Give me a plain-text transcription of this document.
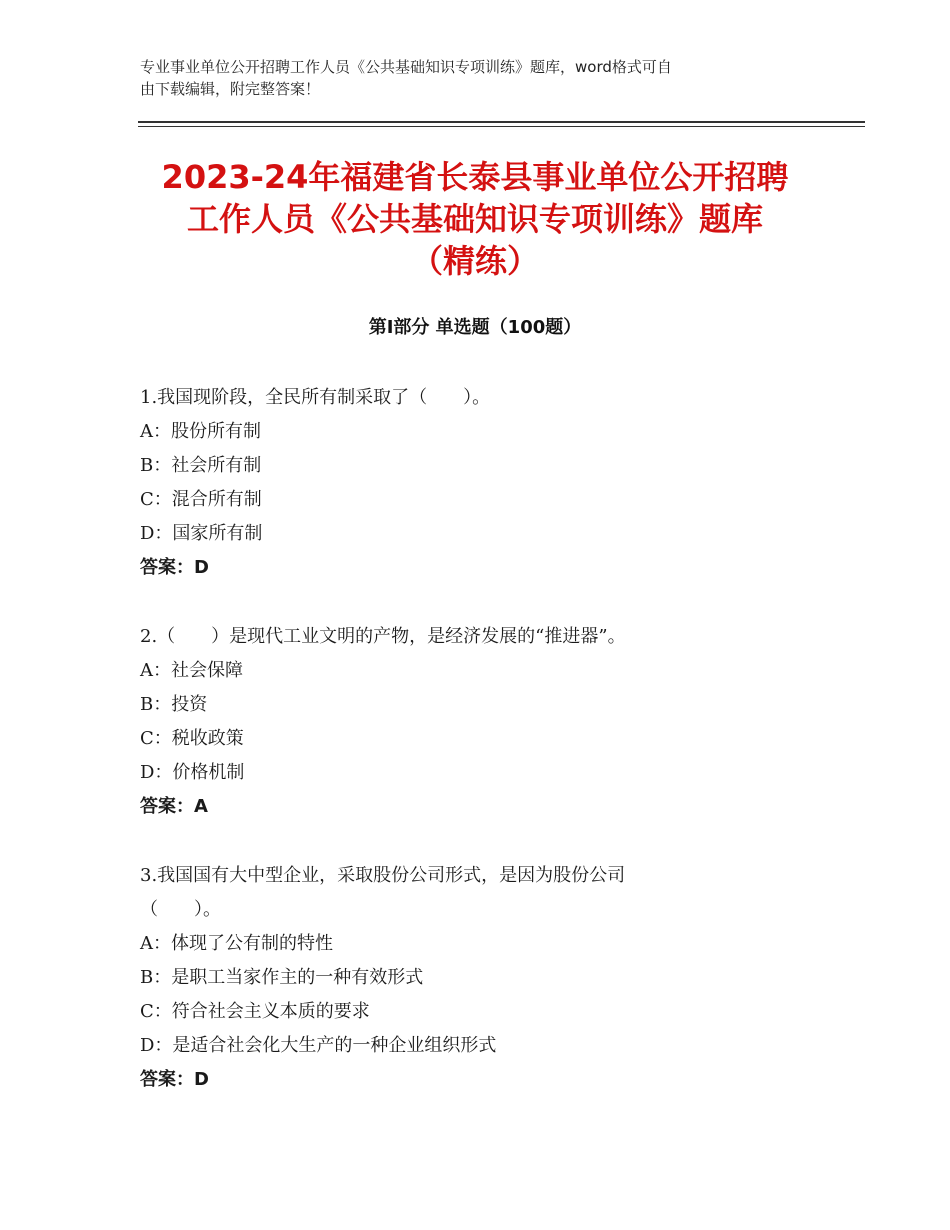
专业事业单位公开招聘工作人员《公共基础知识专项训练》题库，word格式可自
由下载编辑，附完整答案！
2023-24年福建省长泰县事业单位公开招聘
工作人员《公共基础知识专项训练》题库
（精练）
第Ⅰ部分 单选题（100题）
1.我国现阶段，全民所有制采取了（　　）。
A：股份所有制
B：社会所有制
C：混合所有制
D：国家所有制
答案：D
2.（　　）是现代工业文明的产物，是经济发展的“推进器”。
A：社会保障
B：投资
C：税收政策
D：价格机制
答案：A
3.我国国有大中型企业，采取股份公司形式，是因为股份公司
（　　）。
A：体现了公有制的特性
B：是职工当家作主的一种有效形式
C：符合社会主义本质的要求
D：是适合社会化大生产的一种企业组织形式
答案：D
